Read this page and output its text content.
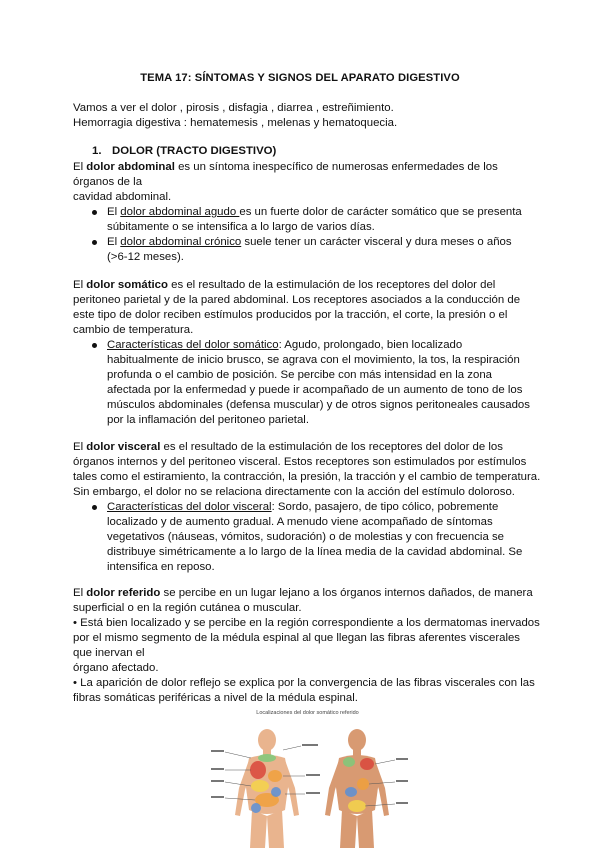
TEMA 17: SÍNTOMAS Y SIGNOS DEL APARATO DIGESTIVO
Vamos a ver el dolor , pirosis , disfagia , diarrea , estreñimiento.
Hemorragia digestiva : hematemesis , melenas y hematoquecia.
1. DOLOR (TRACTO DIGESTIVO)
El dolor abdominal es un síntoma inespecífico de numerosas enfermedades de los
órganos de la
cavidad abdominal.
El dolor abdominal agudo es un fuerte dolor de carácter somático que se presenta
súbitamente o se intensifica a lo largo de varios días.
El dolor abdominal crónico suele tener un carácter visceral y dura meses o años
(>6-12 meses).
El dolor somático es el resultado de la estimulación de los receptores del dolor del
peritoneo parietal y de la pared abdominal. Los receptores asociados a la conducción de
este tipo de dolor reciben estímulos producidos por la tracción, el corte, la presión o el
cambio de temperatura.
Características del dolor somático: Agudo, prolongado, bien localizado
habitualmente de inicio brusco, se agrava con el movimiento, la tos, la respiración
profunda o el cambio de posición. Se percibe con más intensidad en la zona
afectada por la enfermedad y puede ir acompañado de un aumento de tono de los
músculos abdominales (defensa muscular) y de otros signos peritoneales causados
por la inflamación del peritoneo parietal.
El dolor visceral es el resultado de la estimulación de los receptores del dolor de los
órganos internos y del peritoneo visceral. Estos receptores son estimulados por estímulos
tales como el estiramiento, la contracción, la presión, la tracción y el cambio de temperatura.
Sin embargo, el dolor no se relaciona directamente con la acción del estímulo doloroso.
Características del dolor visceral: Sordo, pasajero, de tipo cólico, pobremente
localizado y de aumento gradual. A menudo viene acompañado de síntomas
vegetativos (náuseas, vómitos, sudoración) o de molestias y con frecuencia se
distribuye simétricamente a lo largo de la línea media de la cavidad abdominal. Se
intensifica en reposo.
El dolor referido se percibe en un lugar lejano a los órganos internos dañados, de manera
superficial o en la región cutánea o muscular.
• Está bien localizado y se percibe en la región correspondiente a los dermatomas inervados
por el mismo segmento de la médula espinal al que llegan las fibras aferentes viscerales
que inervan el
órgano afectado.
• La aparición de dolor reflejo se explica por la convergencia de las fibras viscerales con las
fibras somáticas periféricas a nivel de la médula espinal.
Localizaciones del dolor somático referido
